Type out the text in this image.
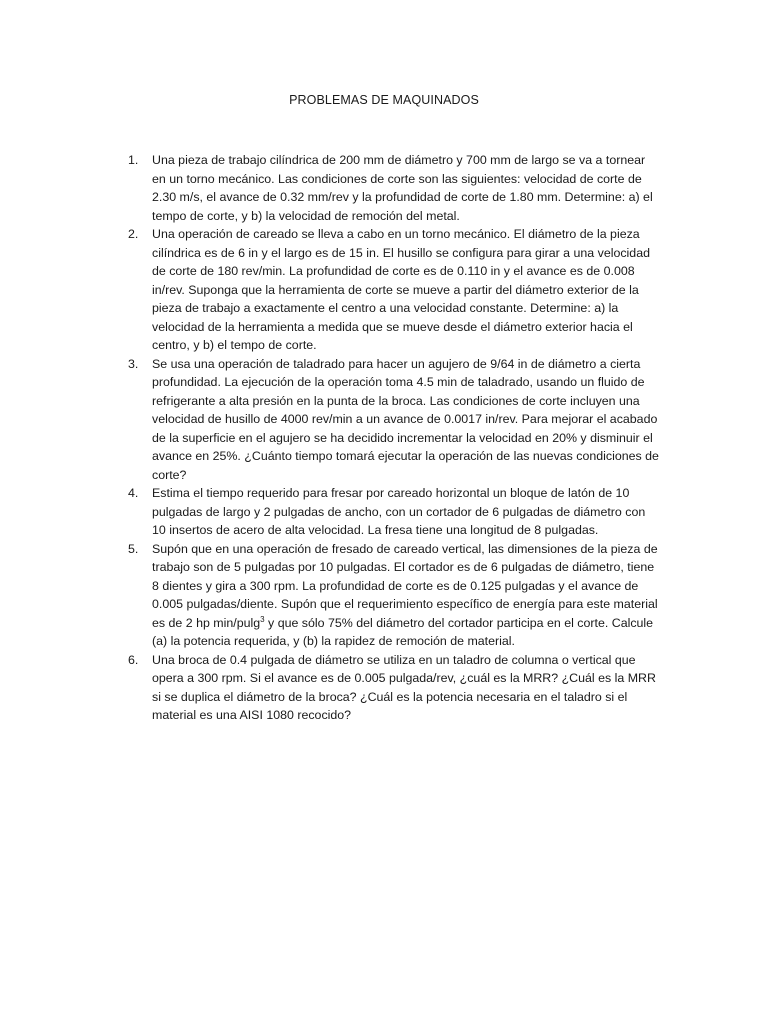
PROBLEMAS DE MAQUINADOS
1. Una pieza de trabajo cilíndrica de 200 mm de diámetro y 700 mm de largo se va a tornear en un torno mecánico. Las condiciones de corte son las siguientes: velocidad de corte de 2.30 m/s, el avance de 0.32 mm/rev y la profundidad de corte de 1.80 mm. Determine: a) el tempo de corte, y b) la velocidad de remoción del metal.
2. Una operación de careado se lleva a cabo en un torno mecánico. El diámetro de la pieza cilíndrica es de 6 in y el largo es de 15 in. El husillo se configura para girar a una velocidad de corte de 180 rev/min. La profundidad de corte es de 0.110 in y el avance es de 0.008 in/rev. Suponga que la herramienta de corte se mueve a partir del diámetro exterior de la pieza de trabajo a exactamente el centro a una velocidad constante. Determine: a) la velocidad de la herramienta a medida que se mueve desde el diámetro exterior hacia el centro, y b) el tempo de corte.
3. Se usa una operación de taladrado para hacer un agujero de 9/64 in de diámetro a cierta profundidad. La ejecución de la operación toma 4.5 min de taladrado, usando un fluido de refrigerante a alta presión en la punta de la broca. Las condiciones de corte incluyen una velocidad de husillo de 4000 rev/min a un avance de 0.0017 in/rev. Para mejorar el acabado de la superficie en el agujero se ha decidido incrementar la velocidad en 20% y disminuir el avance en 25%. ¿Cuánto tiempo tomará ejecutar la operación de las nuevas condiciones de corte?
4. Estima el tiempo requerido para fresar por careado horizontal un bloque de latón de 10 pulgadas de largo y 2 pulgadas de ancho, con un cortador de 6 pulgadas de diámetro con 10 insertos de acero de alta velocidad. La fresa tiene una longitud de 8 pulgadas.
5. Supón que en una operación de fresado de careado vertical, las dimensiones de la pieza de trabajo son de 5 pulgadas por 10 pulgadas. El cortador es de 6 pulgadas de diámetro, tiene 8 dientes y gira a 300 rpm. La profundidad de corte es de 0.125 pulgadas y el avance de 0.005 pulgadas/diente. Supón que el requerimiento específico de energía para este material es de 2 hp min/pulg$^3$ y que sólo 75% del diámetro del cortador participa en el corte. Calcule (a) la potencia requerida, y (b) la rapidez de remoción de material.
6. Una broca de 0.4 pulgada de diámetro se utiliza en un taladro de columna o vertical que opera a 300 rpm. Si el avance es de 0.005 pulgada/rev, ¿cuál es la MRR? ¿Cuál es la MRR si se duplica el diámetro de la broca? ¿Cuál es la potencia necesaria en el taladro si el material es una AISI 1080 recocido?
